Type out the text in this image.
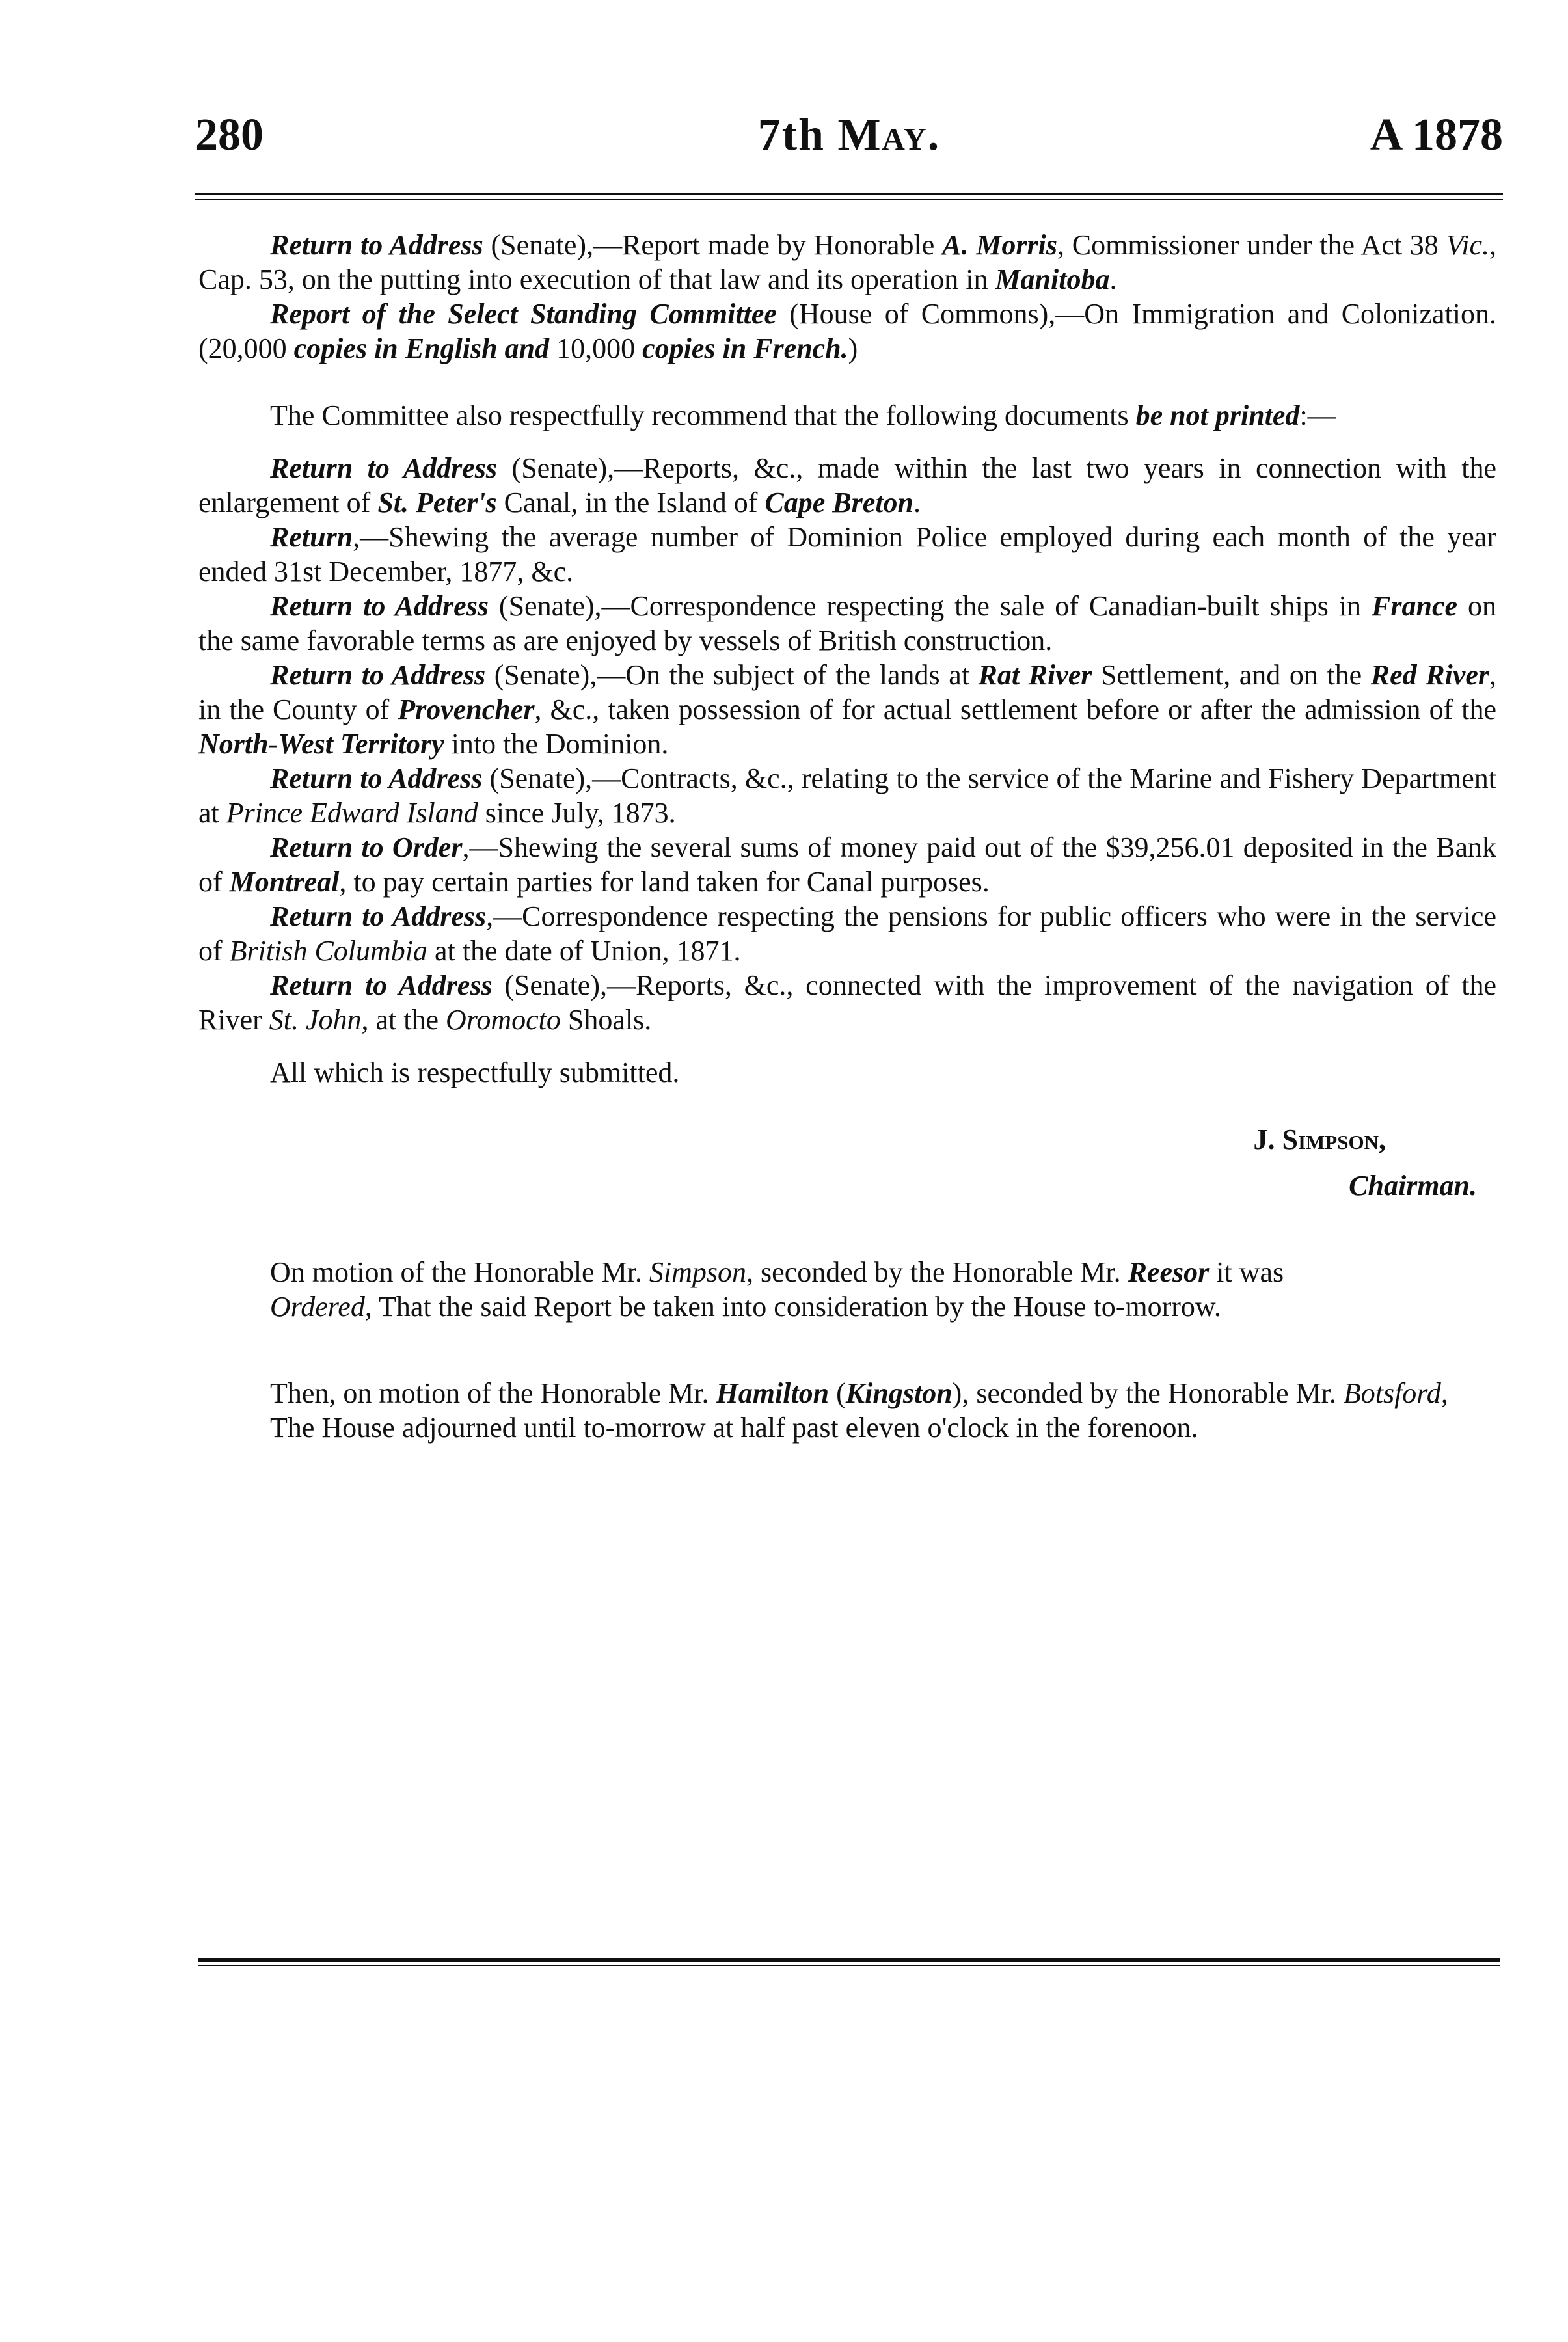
280	7th May.	A 1878

Return to Address (Senate),—Report made by Honorable A. Morris, Commissioner under the Act 38 Vic., Cap. 53, on the putting into execution of that law and its operation in Manitoba.

Report of the Select Standing Committee (House of Commons),—On Immigration and Colonization. (20,000 copies in English and 10,000 copies in French.)

The Committee also respectfully recommend that the following documents be not printed:—

Return to Address (Senate),—Reports, &c., made within the last two years in connection with the enlargement of St. Peter's Canal, in the Island of Cape Breton.

Return,—Shewing the average number of Dominion Police employed during each month of the year ended 31st December, 1877, &c.

Return to Address (Senate),—Correspondence respecting the sale of Canadian-built ships in France on the same favorable terms as are enjoyed by vessels of British construction.

Return to Address (Senate),—On the subject of the lands at Rat River Settlement, and on the Red River, in the County of Provencher, &c., taken possession of for actual settlement before or after the admission of the North-West Territory into the Dominion.

Return to Address (Senate),—Contracts, &c., relating to the service of the Marine and Fishery Department at Prince Edward Island since July, 1873.

Return to Order,—Shewing the several sums of money paid out of the $39,256.01 deposited in the Bank of Montreal, to pay certain parties for land taken for Canal purposes.

Return to Address,—Correspondence respecting the pensions for public officers who were in the service of British Columbia at the date of Union, 1871.

Return to Address (Senate),—Reports, &c., connected with the improvement of the navigation of the River St. John, at the Oromocto Shoals.

All which is respectfully submitted.

J. Simpson,

Chairman.

On motion of the Honorable Mr. Simpson, seconded by the Honorable Mr. Reesor it was

Ordered, That the said Report be taken into consideration by the House to-morrow.

Then, on motion of the Honorable Mr. Hamilton (Kingston), seconded by the Honorable Mr. Botsford,

The House adjourned until to-morrow at half past eleven o'clock in the forenoon.
